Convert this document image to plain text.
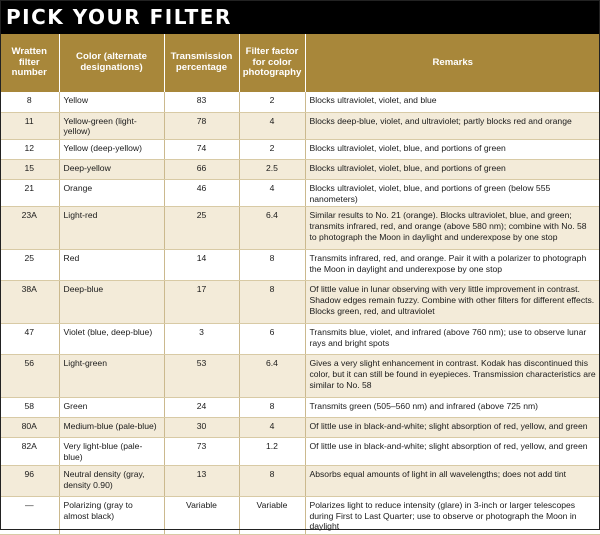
PICK YOUR FILTER
Wratten filter number	Color (alternate designations)	Transmission percentage	Filter factor for color photography	Remarks
8	Yellow	83	2	Blocks ultraviolet, violet, and blue
11	Yellow-green (light-yellow)	78	4	Blocks deep-blue, violet, and ultraviolet; partly blocks red and orange
12	Yellow (deep-yellow)	74	2	Blocks ultraviolet, violet, blue, and portions of green
15	Deep-yellow	66	2.5	Blocks ultraviolet, violet, blue, and portions of green
21	Orange	46	4	Blocks ultraviolet, violet, blue, and portions of green (below 555 nanometers)
23A	Light-red	25	6.4	Similar results to No. 21 (orange). Blocks ultraviolet, blue, and green; transmits infrared, red, and orange (above 580 nm); combine with No. 58 to photograph the Moon in daylight and underexpose by one stop
25	Red	14	8	Transmits infrared, red, and orange. Pair it with a polarizer to photograph the Moon in daylight and underexpose by one stop
38A	Deep-blue	17	8	Of little value in lunar observing with very little improvement in contrast. Shadow edges remain fuzzy. Combine with other filters for different effects. Blocks green, red, and ultraviolet
47	Violet (blue, deep-blue)	3	6	Transmits blue, violet, and infrared (above 760 nm); use to observe lunar rays and bright spots
56	Light-green	53	6.4	Gives a very slight enhancement in contrast. Kodak has discontinued this color, but it can still be found in eyepieces. Transmission characteristics are similar to No. 58
58	Green	24	8	Transmits green (505–560 nm) and infrared (above 725 nm)
80A	Medium-blue (pale-blue)	30	4	Of little use in black-and-white; slight absorption of red, yellow, and green
82A	Very light-blue (pale-blue)	73	1.2	Of little use in black-and-white; slight absorption of red, yellow, and green
96	Neutral density (gray, density 0.90)	13	8	Absorbs equal amounts of light in all wavelengths; does not add tint
—	Polarizing (gray to almost black)	Variable	Variable	Polarizes light to reduce intensity (glare) in 3-inch or larger telescopes during First to Last Quarter; use to observe or photograph the Moon in daylight
